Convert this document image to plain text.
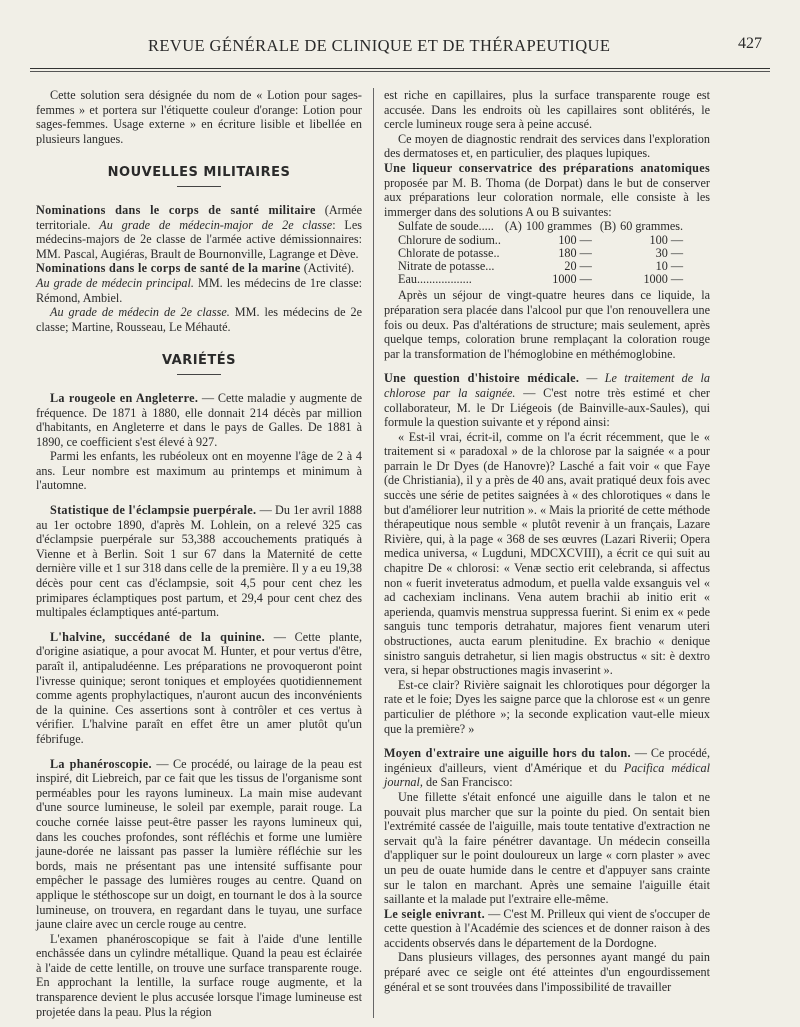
REVUE GÉNÉRALE DE CLINIQUE ET DE THÉRAPEUTIQUE	427

Cette solution sera désignée du nom de « Lotion pour sages-femmes » et portera sur l'étiquette couleur d'orange: Lotion pour sages-femmes. Usage externe » en écriture lisible et libellée en plusieurs langues.

NOUVELLES MILITAIRES

Nominations dans le corps de santé militaire (Armée territoriale. Au grade de médecin-major de 2e classe: Les médecins-majors de 2e classe de l'armée active démissionnaires: MM. Pascal, Augiéras, Brault de Bournonville, Lagrange et Dève.

Nominations dans le corps de santé de la marine (Activité).
Au grade de médecin principal. MM. les médecins de 1re classe: Rémond, Ambiel.

Au grade de médecin de 2e classe. MM. les médecins de 2e classe; Martine, Rousseau, Le Méhauté.

VARIÉTÉS

La rougeole en Angleterre. — Cette maladie y augmente de fréquence. De 1871 à 1880, elle donnait 214 décès par million d'habitants, en Angleterre et dans le pays de Galles. De 1881 à 1890, ce coefficient s'est élevé à 927.

Parmi les enfants, les rubéoleux ont en moyenne l'âge de 2 à 4 ans. Leur nombre est maximum au printemps et minimum à l'automne.

Statistique de l'éclampsie puerpérale. — Du 1er avril 1888 au 1er octobre 1890, d'après M. Lohlein, on a relevé 325 cas d'éclampsie puerpérale sur 53,388 accouchements pratiqués à Vienne et à Berlin. Soit 1 sur 67 dans la Maternité de cette dernière ville et 1 sur 318 dans celle de la première. Il y a eu 19,38 décès pour cent cas d'éclampsie, soit 4,5 pour cent chez les primipares éclamptiques post partum, et 29,4 pour cent chez des multipales éclamptiques anté-partum.

L'halvine, succédané de la quinine. — Cette plante, d'origine asiatique, a pour avocat M. Hunter, et pour vertus d'être, paraît il, antipaludéenne. Les préparations ne provoqueront point l'ivresse quinique; seront toniques et employées quotidiennement comme agents prophylactiques, n'auront aucun des inconvénients de la quinine. Ces assertions sont à contrôler et ces vertus à vérifier. L'halvine paraît en effet être un amer plutôt qu'un fébrifuge.

La phanéroscopie. — Ce procédé, ou lairage de la peau est inspiré, dit Liebreich, par ce fait que les tissus de l'organisme sont perméables pour les rayons lumineux. La main mise audevant d'une source lumineuse, le soleil par exemple, parait rouge. La couche cornée laisse peut-être passer les rayons lumineux qui, dans les couches profondes, sont réfléchis et forme une lumière jaune-dorée ne laissant pas passer la lumière réfléchie sur les bords, mais ne présentant pas une intensité suffisante pour empêcher le passage des lumières rouges au centre. Quand on applique le stéthoscope sur un doigt, en tournant le dos à la source lumineuse, on trouvera, en regardant dans le tuyau, une surface jaune claire avec un cercle rouge au centre.

L'examen phanéroscopique se fait à l'aide d'une lentille enchâssée dans un cylindre métallique. Quand la peau est éclairée à l'aide de cette lentille, on trouve une surface transparente rouge. En approchant la lentille, la surface rouge augmente, et la transparence devient le plus accusée lorsque l'image lumineuse est projetée dans la peau. Plus la région

est riche en capillaires, plus la surface transparente rouge est accusée. Dans les endroits où les capillaires sont oblitérés, le cercle lumineux rouge sera à peine accusé.

Ce moyen de diagnostic rendrait des services dans l'exploration des dermatoses et, en particulier, des plaques lupiques.

Une liqueur conservatrice des préparations anatomiques proposée par M. B. Thoma (de Dorpat) dans le but de conserver aux préparations leur coloration normale, elle consiste à les immerger dans des solutions A ou B suivantes:

Sulfate de soude.....	(A)	100 grammes	(B)	60 grammes.
Chlorure de sodium..		100 —		100 —
Chlorate de potasse..		180 —		30 —
Nitrate de potasse...		20 —		10 —
Eau..................		1000 —		1000 —

Après un séjour de vingt-quatre heures dans ce liquide, la préparation sera placée dans l'alcool pur que l'on renouvellera une fois ou deux. Pas d'altérations de structure; mais seulement, après quelque temps, coloration brune remplaçant la coloration rouge par la transformation de l'hémoglobine en méthémoglobine.

Une question d'histoire médicale. — Le traitement de la chlorose par la saignée. — C'est notre très estimé et cher collaborateur, M. le Dr Liégeois (de Bainville-aux-Saules), qui formule la question suivante et y répond ainsi:

« Est-il vrai, écrit-il, comme on l'a écrit récemment, que le « traitement si « paradoxal » de la chlorose par la saignée « a pour parrain le Dr Dyes (de Hanovre)? Lasché a fait voir « que Faye (de Christiania), il y a près de 40 ans, avait pratiqué deux fois avec succès une série de petites saignées à « des chlorotiques « dans le but d'améliorer leur nutrition ». « Mais la priorité de cette méthode thérapeutique nous semble « plutôt revenir à un français, Lazare Rivière, qui, à la page « 368 de ses œuvres (Lazari Riverii; Opera medica universa, « Lugduni, MDCXCVIII), a écrit ce qui suit au chapitre De « chlorosi: « Venæ sectio erit celebranda, si affectus non « fuerit inveteratus admodum, et puella valde exsanguis vel « ad cachexiam inclinans. Vena autem brachii ab initio erit « aperienda, quamvis menstrua suppressa fuerint. Si enim ex « pede sanguis tunc temporis detrahatur, majores fient venarum uteri obstructiones, aucta earum plenitudine. Ex brachio « denique sinistro sanguis detrahetur, si lien magis obstructus « sit: è dextro vera, si hepar obstructiones magis invaserint ».

Est-ce clair? Rivière saignait les chlorotiques pour dégorger la rate et le foie; Dyes les saigne parce que la chlorose est « un genre particulier de pléthore »; la seconde explication vaut-elle mieux que la première? »

Moyen d'extraire une aiguille hors du talon. — Ce procédé, ingénieux d'ailleurs, vient d'Amérique et du Pacifica médical journal, de San Francisco:

Une fillette s'était enfoncé une aiguille dans le talon et ne pouvait plus marcher que sur la pointe du pied. On sentait bien l'extrémité cassée de l'aiguille, mais toute tentative d'extraction ne servait qu'à la faire pénétrer davantage. Un médecin conseilla d'appliquer sur le point douloureux un large « corn plaster » avec un peu de ouate humide dans le centre et d'appuyer sans crainte sur le talon en marchant. Après une semaine l'aiguille était saillante et la malade put l'extraire elle-même.

Le seigle enivrant. — C'est M. Prilleux qui vient de s'occuper de cette question à l'Académie des sciences et de donner raison à des accidents observés dans le département de la Dordogne.

Dans plusieurs villages, des personnes ayant mangé du pain préparé avec ce seigle ont été atteintes d'un engourdissement général et se sont trouvées dans l'impossibilité de travailler
